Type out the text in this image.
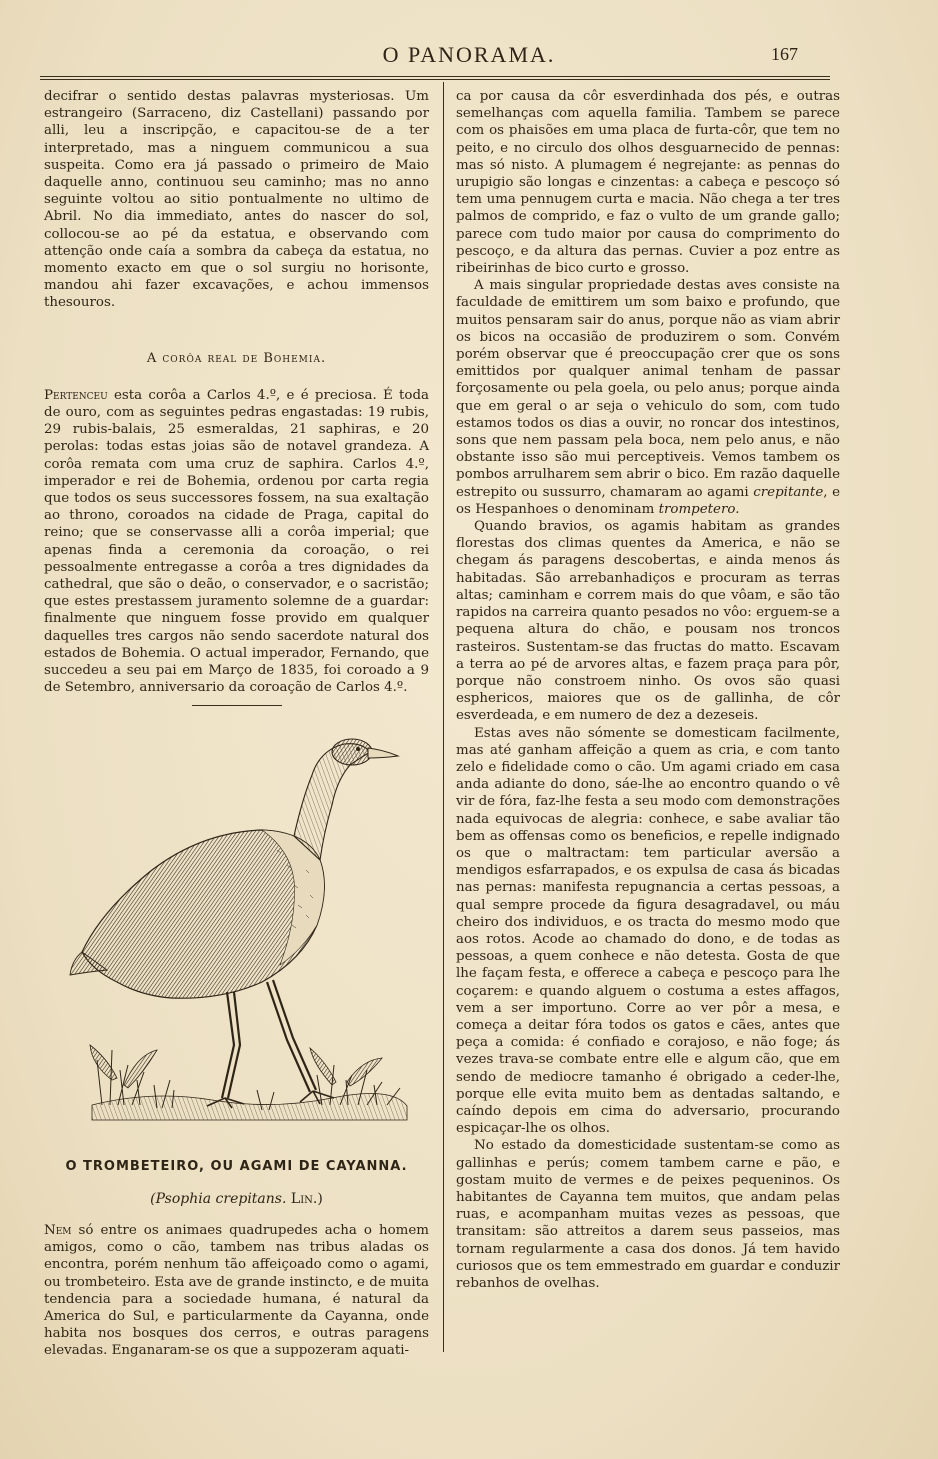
O PANORAMA.	167

decifrar o sentido destas palavras mysteriosas. Um estrangeiro (Sarraceno, diz Castellani) passando por alli, leu a inscripção, e capacitou-se de a ter interpretado, mas a ninguem communicou a sua suspeita. Como era já passado o primeiro de Maio daquelle anno, continuou seu caminho; mas no anno seguinte voltou ao sitio pontualmente no ultimo de Abril. No dia immediato, antes do nascer do sol, collocou-se ao pé da estatua, e observando com attenção onde caía a sombra da cabeça da estatua, no momento exacto em que o sol surgiu no horisonte, mandou ahi fazer excavações, e achou immensos thesouros.

A corôa real de Bohemia.

Pertenceu esta corôa a Carlos 4.º, e é preciosa. É toda de ouro, com as seguintes pedras engastadas: 19 rubis, 29 rubis-balais, 25 esmeraldas, 21 saphiras, e 20 perolas: todas estas joias são de notavel grandeza. A corôa remata com uma cruz de saphira. Carlos 4.º, imperador e rei de Bohemia, ordenou por carta regia que todos os seus successores fossem, na sua exaltação ao throno, coroados na cidade de Praga, capital do reino; que se conservasse alli a corôa imperial; que apenas finda a ceremonia da coroação, o rei pessoalmente entregasse a corôa a tres dignidades da cathedral, que são o deão, o conservador, e o sacristão; que estes prestassem juramento solemne de a guardar: finalmente que ninguem fosse provido em qualquer daquelles tres cargos não sendo sacerdote natural dos estados de Bohemia. O actual imperador, Fernando, que succedeu a seu pai em Março de 1835, foi coroado a 9 de Setembro, anniversario da coroação de Carlos 4.º.

O TROMBETEIRO, OU AGAMI DE CAYANNA.
(Psophia crepitans. Lin.)

Nem só entre os animaes quadrupedes acha o homem amigos, como o cão, tambem nas tribus aladas os encontra, porém nenhum tão affeiçoado como o agami, ou trombeteiro. Esta ave de grande instincto, e de muita tendencia para a sociedade humana, é natural da America do Sul, e particularmente da Cayanna, onde habita nos bosques dos cerros, e outras paragens elevadas. Enganaram-se os que a suppozeram aquati-

ca por causa da côr esverdinhada dos pés, e outras semelhanças com aquella familia. Tambem se parece com os phaisões em uma placa de furta-côr, que tem no peito, e no circulo dos olhos desguarnecido de pennas: mas só nisto. A plumagem é negrejante: as pennas do urupigio são longas e cinzentas: a cabeça e pescoço só tem uma pennugem curta e macia. Não chega a ter tres palmos de comprido, e faz o vulto de um grande gallo; parece com tudo maior por causa do comprimento do pescoço, e da altura das pernas. Cuvier a poz entre as ribeirinhas de bico curto e grosso.

A mais singular propriedade destas aves consiste na faculdade de emittirem um som baixo e profundo, que muitos pensaram sair do anus, porque não as viam abrir os bicos na occasião de produzirem o som. Convém porém observar que é preoccupação crer que os sons emittidos por qualquer animal tenham de passar forçosamente ou pela goela, ou pelo anus; porque ainda que em geral o ar seja o vehiculo do som, com tudo estamos todos os dias a ouvir, no roncar dos intestinos, sons que nem passam pela boca, nem pelo anus, e não obstante isso são mui perceptiveis. Vemos tambem os pombos arrulharem sem abrir o bico. Em razão daquelle estrepito ou sussurro, chamaram ao agami crepitante, e os Hespanhoes o denominam trompetero.

Quando bravios, os agamis habitam as grandes florestas dos climas quentes da America, e não se chegam ás paragens descobertas, e ainda menos ás habitadas. São arrebanhadiços e procuram as terras altas; caminham e correm mais do que vôam, e são tão rapidos na carreira quanto pesados no vôo: erguem-se a pequena altura do chão, e pousam nos troncos rasteiros. Sustentam-se das fructas do matto. Escavam a terra ao pé de arvores altas, e fazem praça para pôr, porque não constroem ninho. Os ovos são quasi esphericos, maiores que os de gallinha, de côr esverdeada, e em numero de dez a dezeseis.

Estas aves não sómente se domesticam facilmente, mas até ganham affeição a quem as cria, e com tanto zelo e fidelidade como o cão. Um agami criado em casa anda adiante do dono, sáe-lhe ao encontro quando o vê vir de fóra, faz-lhe festa a seu modo com demonstrações nada equivocas de alegria: conhece, e sabe avaliar tão bem as offensas como os beneficios, e repelle indignado os que o maltractam: tem particular aversão a mendigos esfarrapados, e os expulsa de casa ás bicadas nas pernas: manifesta repugnancia a certas pessoas, a qual sempre procede da figura desagradavel, ou máu cheiro dos individuos, e os tracta do mesmo modo que aos rotos. Acode ao chamado do dono, e de todas as pessoas, a quem conhece e não detesta. Gosta de que lhe façam festa, e offerece a cabeça e pescoço para lhe coçarem: e quando alguem o costuma a estes affagos, vem a ser importuno. Corre ao ver pôr a mesa, e começa a deitar fóra todos os gatos e cães, antes que peça a comida: é confiado e corajoso, e não foge; ás vezes trava-se combate entre elle e algum cão, que em sendo de mediocre tamanho é obrigado a ceder-lhe, porque elle evita muito bem as dentadas saltando, e caíndo depois em cima do adversario, procurando espicaçar-lhe os olhos.

No estado da domesticidade sustentam-se como as gallinhas e perús; comem tambem carne e pão, e gostam muito de vermes e de peixes pequeninos. Os habitantes de Cayanna tem muitos, que andam pelas ruas, e acompanham muitas vezes as pessoas, que transitam: são attreitos a darem seus passeios, mas tornam regularmente a casa dos donos. Já tem havido curiosos que os tem emmestrado em guardar e conduzir rebanhos de ovelhas.
